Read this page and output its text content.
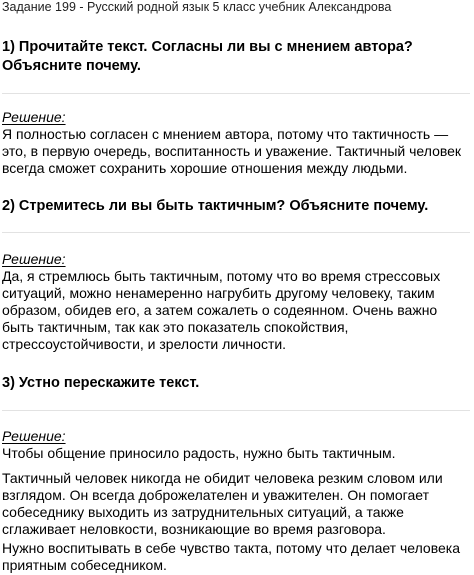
Задание 199 - Русский родной язык 5 класс учебник Александрова
1) Прочитайте текст. Согласны ли вы с мнением автора? Объясните почему.
Решение:
Я полностью согласен с мнением автора, потому что тактичность — это, в первую очередь, воспитанность и уважение. Тактичный человек всегда сможет сохранить хорошие отношения между людьми.
2) Стремитесь ли вы быть тактичным? Объясните почему.
Решение:
Да, я стремлюсь быть тактичным, потому что во время стрессовых ситуаций, можно ненамеренно нагрубить другому человеку, таким образом, обидев его, а затем сожалеть о содеянном. Очень важно быть тактичным, так как это показатель спокойствия, стрессоустойчивости, и зрелости личности.
3) Устно перескажите текст.
Решение:
Чтобы общение приносило радость, нужно быть тактичным.
Тактичный человек никогда не обидит человека резким словом или взглядом. Он всегда доброжелателен и уважителен. Он помогает собеседнику выходить из затруднительных ситуаций, а также сглаживает неловкости, возникающие во время разговора.
Нужно воспитывать в себе чувство такта, потому что делает человека приятным собеседником.
